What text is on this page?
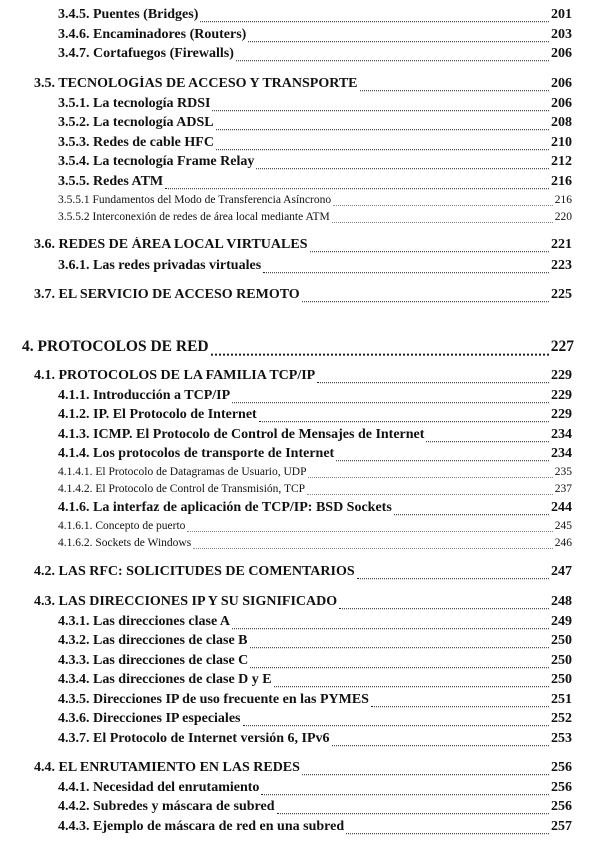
3.4.5. Puentes (Bridges)	201
3.4.6. Encaminadores (Routers)	203
3.4.7. Cortafuegos (Firewalls)	206
3.5. TECNOLOGÍAS DE ACCESO Y TRANSPORTE	206
3.5.1. La tecnología RDSI	206
3.5.2. La tecnología ADSL	208
3.5.3. Redes de cable HFC	210
3.5.4. La tecnología Frame Relay	212
3.5.5. Redes ATM	216
3.5.5.1 Fundamentos del Modo de Transferencia Asíncrono	216
3.5.5.2 Interconexión de redes de área local mediante ATM	220
3.6. REDES DE ÁREA LOCAL VIRTUALES	221
3.6.1. Las redes privadas virtuales	223
3.7. EL SERVICIO DE ACCESO REMOTO	225
4. PROTOCOLOS DE RED	227
4.1. PROTOCOLOS DE LA FAMILIA TCP/IP	229
4.1.1. Introducción a TCP/IP	229
4.1.2. IP. El Protocolo de Internet	229
4.1.3. ICMP. El Protocolo de Control de Mensajes de Internet	234
4.1.4. Los protocolos de transporte de Internet	234
4.1.4.1. El Protocolo de Datagramas de Usuario, UDP	235
4.1.4.2. El Protocolo de Control de Transmisión, TCP	237
4.1.6. La interfaz de aplicación de TCP/IP: BSD Sockets	244
4.1.6.1. Concepto de puerto	245
4.1.6.2. Sockets de Windows	246
4.2. LAS RFC: SOLICITUDES DE COMENTARIOS	247
4.3. LAS DIRECCIONES IP Y SU SIGNIFICADO	248
4.3.1. Las direcciones clase A	249
4.3.2. Las direcciones de clase B	250
4.3.3. Las direcciones de clase C	250
4.3.4. Las direcciones de clase D y E	250
4.3.5. Direcciones IP de uso frecuente en las PYMES	251
4.3.6. Direcciones IP especiales	252
4.3.7. El Protocolo de Internet versión 6, IPv6	253
4.4. EL ENRUTAMIENTO EN LAS REDES	256
4.4.1. Necesidad del enrutamiento	256
4.4.2. Subredes y máscara de subred	256
4.4.3. Ejemplo de máscara de red en una subred	257
